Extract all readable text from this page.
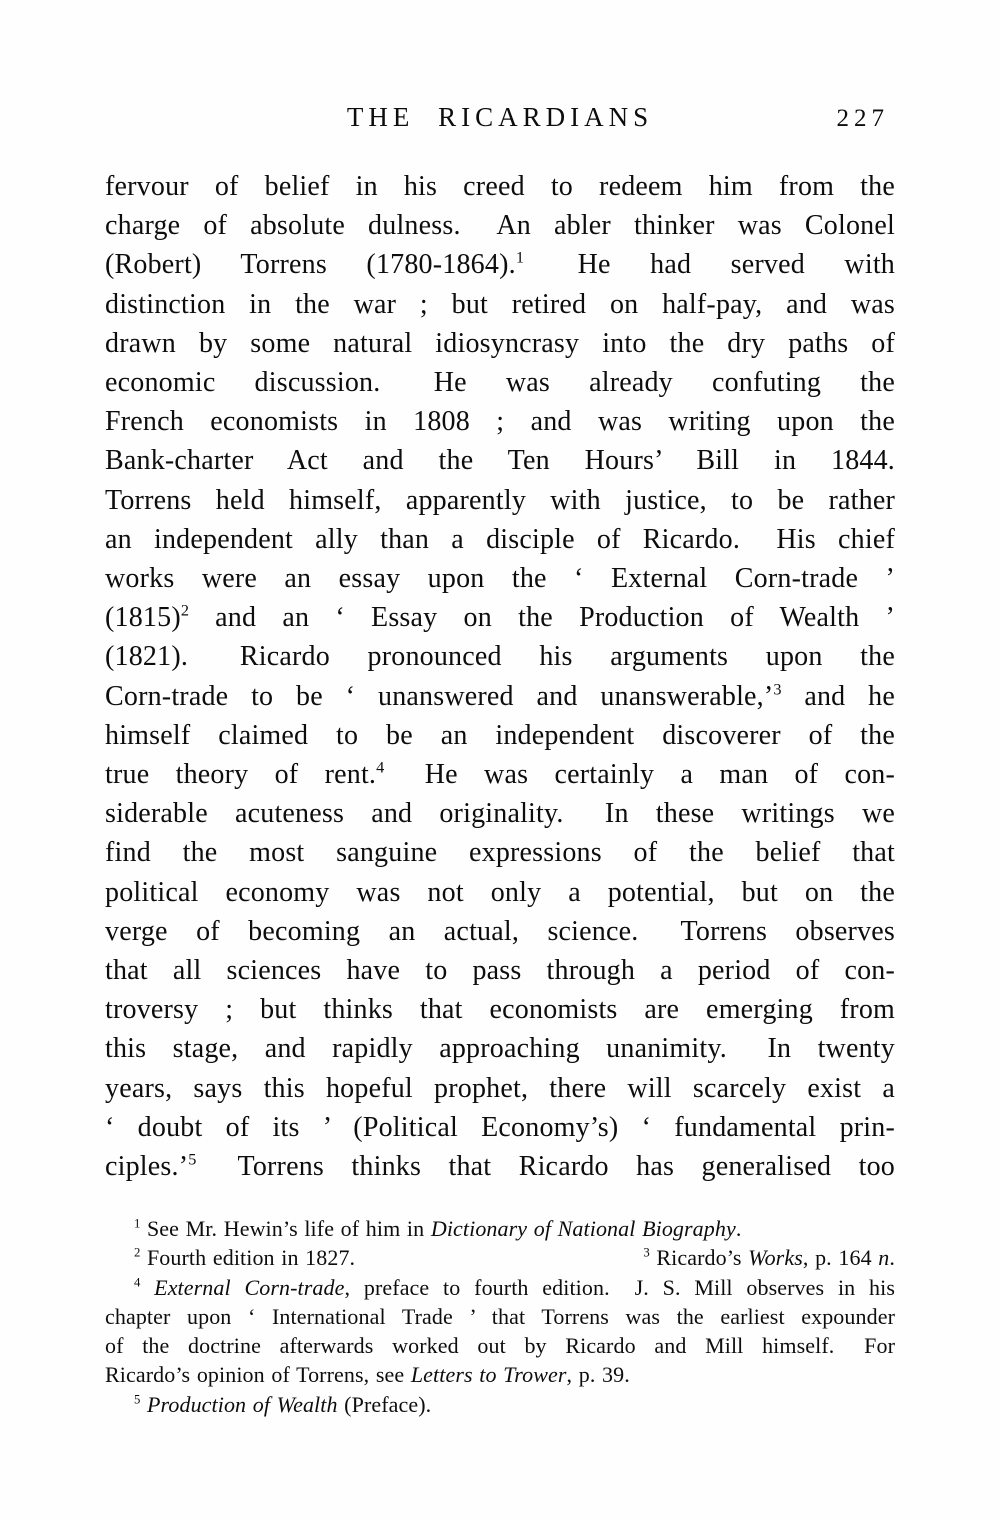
THE RICARDIANS	227
fervour of belief in his creed to redeem him from the
charge of absolute dulness.  An abler thinker was Colonel
(Robert) Torrens (1780-1864).$^1$  He had served with
distinction in the war ; but retired on half-pay, and was
drawn by some natural idiosyncrasy into the dry paths of
economic discussion.  He was already confuting the
French economists in 1808 ; and was writing upon the
Bank-charter Act and the Ten Hours’ Bill in 1844.
Torrens held himself, apparently with justice, to be rather
an independent ally than a disciple of Ricardo.  His chief
works were an essay upon the ‘ External Corn-trade ’
$(1815)^2$ and an ‘ Essay on the Production of Wealth ’
(1821).  Ricardo pronounced his arguments upon the
Corn-trade to be ‘ unanswered and unanswerable,’$^3$ and he
himself claimed to be an independent discoverer of the
true theory of rent.$^4$  He was certainly a man of con-
siderable acuteness and originality.  In these writings we
find the most sanguine expressions of the belief that
political economy was not only a potential, but on the
verge of becoming an actual, science.  Torrens observes
that all sciences have to pass through a period of con-
troversy ; but thinks that economists are emerging from
this stage, and rapidly approaching unanimity.  In twenty
years, says this hopeful prophet, there will scarcely exist a
‘ doubt of its ’ (Political Economy’s) ‘ fundamental prin-
ciples.’$^5$  Torrens thinks that Ricardo has generalised too
$^1$ See Mr. Hewin’s life of him in Dictionary of National Biography.
$^2$ Fourth edition in 1827.	$^3$ Ricardo’s Works, p. 164 n.
$^4$ External Corn-trade, preface to fourth edition.  J. S. Mill observes in his
chapter upon ‘ International Trade ’ that Torrens was the earliest expounder
of the doctrine afterwards worked out by Ricardo and Mill himself.  For
Ricardo’s opinion of Torrens, see Letters to Trower, p. 39.
$^5$ Production of Wealth (Preface).
